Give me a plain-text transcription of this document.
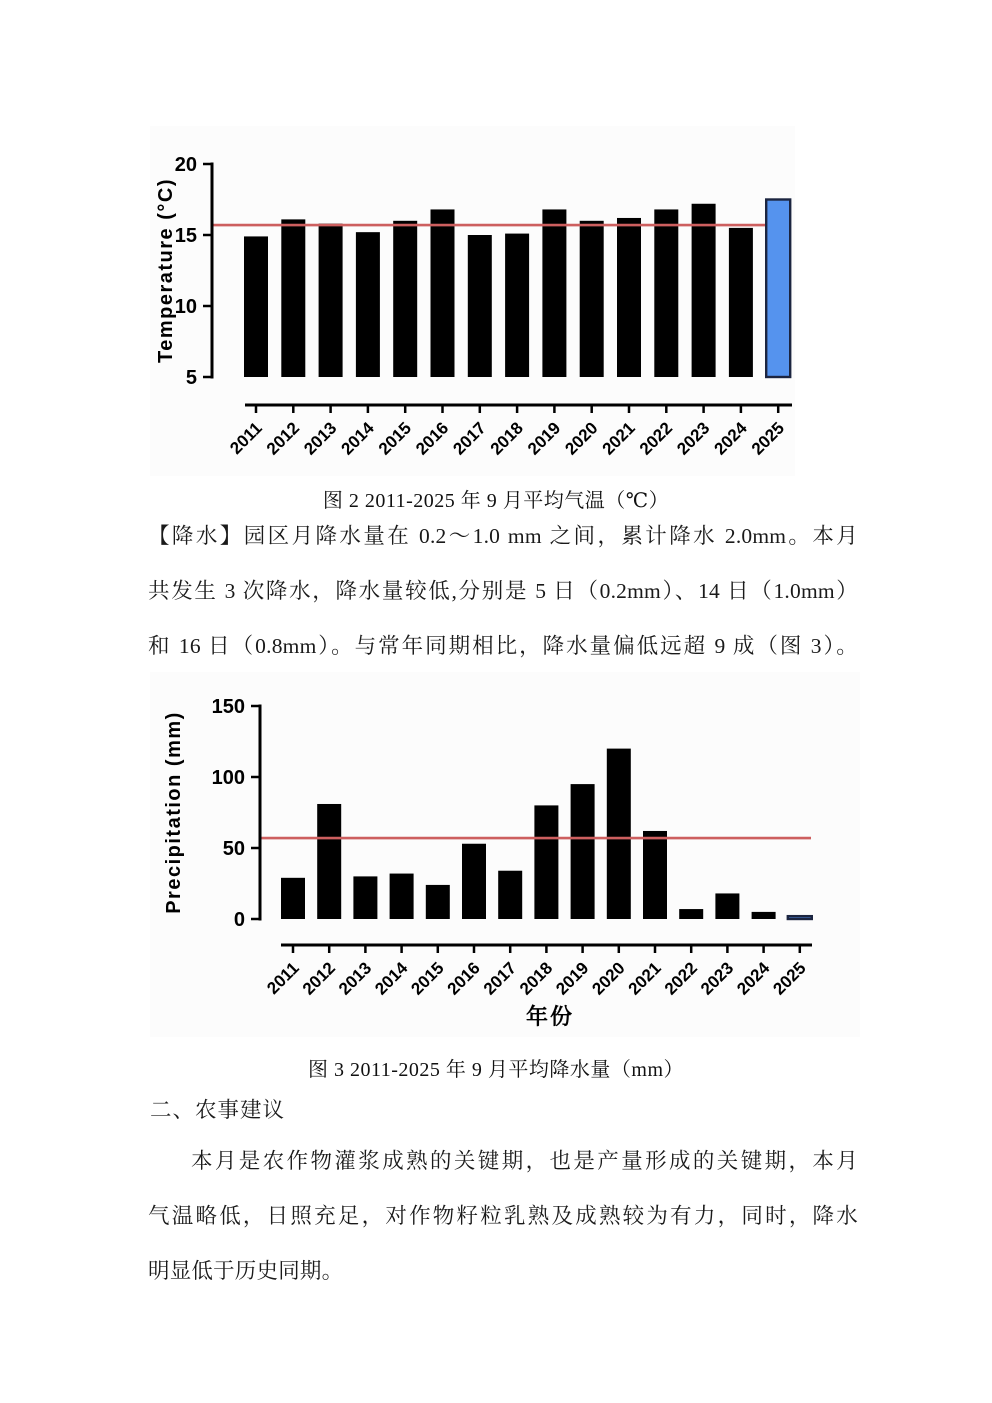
5
10
15
20
Temperature (°C)
2011
2012
2013
2014
2015
2016
2017
2018
2019
2020
2021
2022
2023
2024
2025
图 2 2011-2025 年 9 月平均气温（℃）
【降水】园区月降水量在 0.2～1.0 mm 之间，累计降水 2.0mm。本月
共发生 3 次降水，降水量较低,分别是 5 日（0.2mm）、14 日（1.0mm）
和 16 日（0.8mm）。与常年同期相比，降水量偏低远超 9 成（图 3）。
0
50
100
150
Precipitation (mm)
2011
2012
2013
2014
2015
2016
2017
2018
2019
2020
2021
2022
2023
2024
2025
年份
图 3 2011-2025 年 9 月平均降水量（mm）
二、农事建议
本月是农作物灌浆成熟的关键期，也是产量形成的关键期，本月
气温略低，日照充足，对作物籽粒乳熟及成熟较为有力，同时，降水
明显低于历史同期。
